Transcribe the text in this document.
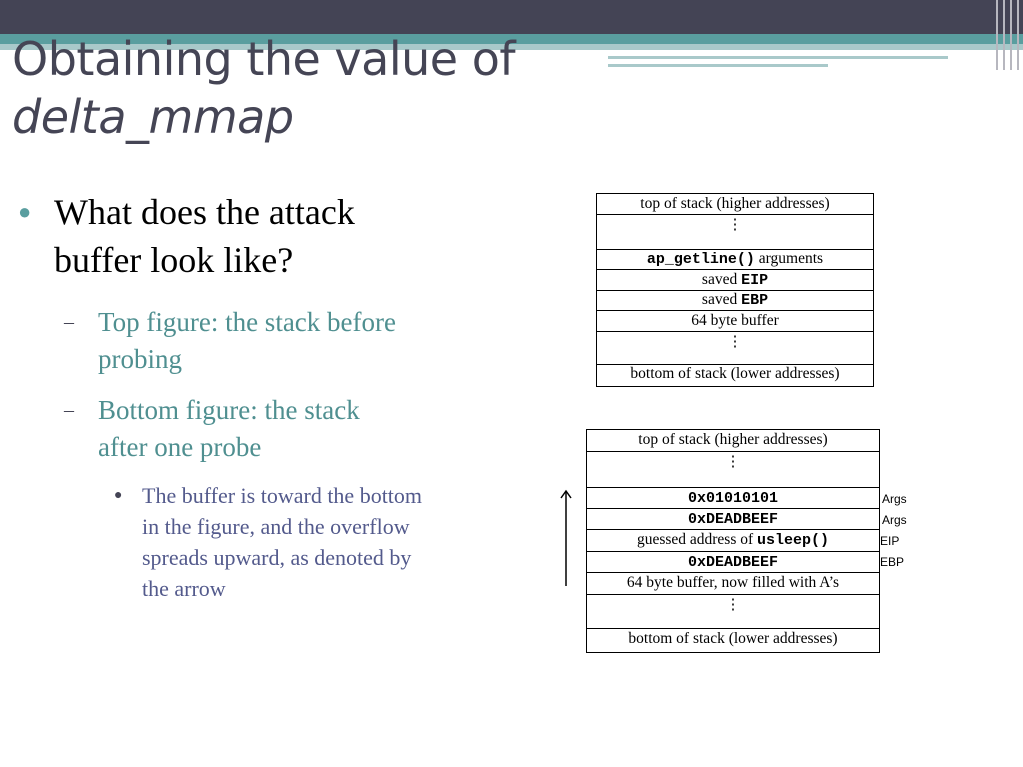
Obtaining the value of
delta_mmap
● What does the attack buffer look like?
– Top figure: the stack before probing
– Bottom figure: the stack after one probe
● The buffer is toward the bottom in the figure, and the overflow spreads upward, as denoted by the arrow
top of stack (higher addresses)
⋮
ap_getline() arguments
saved EIP
saved EBP
64 byte buffer
⋮
bottom of stack (lower addresses)
top of stack (higher addresses)
⋮
0x01010101
0xDEADBEEF
guessed address of usleep()
0xDEADBEEF
64 byte buffer, now filled with A’s
⋮
bottom of stack (lower addresses)
Args
Args
EIP
EBP
